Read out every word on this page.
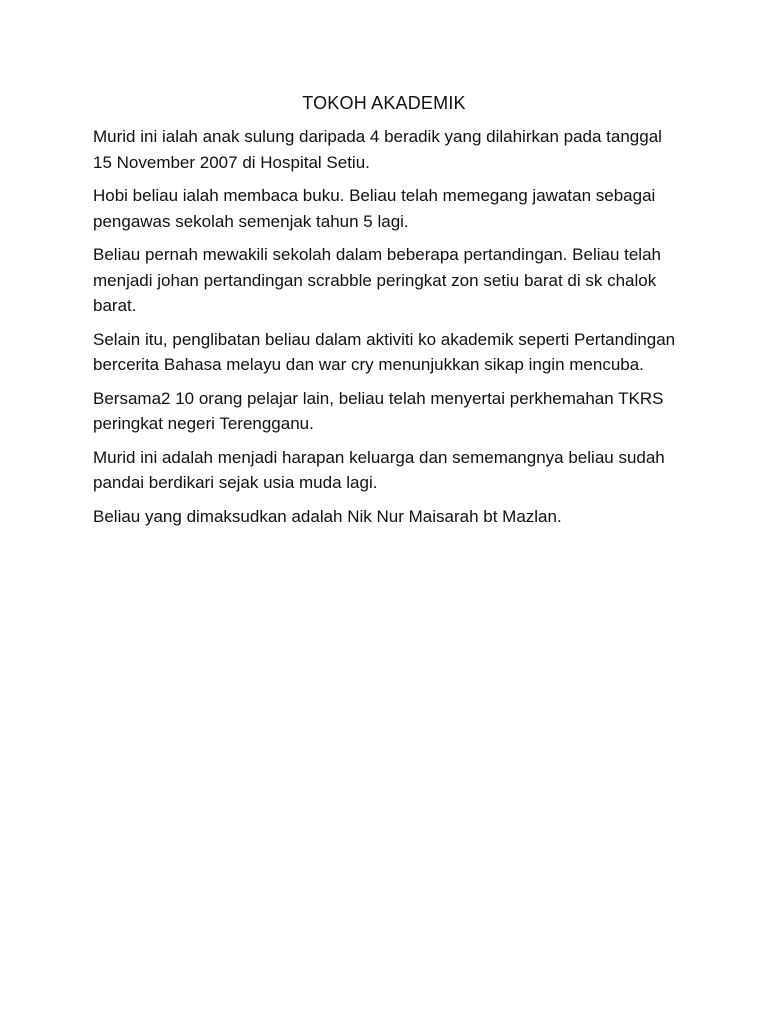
TOKOH AKADEMIK

Murid ini ialah anak sulung daripada 4 beradik yang dilahirkan pada tanggal 15 November 2007 di Hospital Setiu.

Hobi beliau ialah membaca buku. Beliau telah memegang jawatan sebagai pengawas sekolah semenjak tahun 5 lagi.

Beliau pernah mewakili sekolah dalam beberapa pertandingan. Beliau telah menjadi johan pertandingan scrabble peringkat zon setiu barat di sk chalok barat.

Selain itu, penglibatan beliau dalam aktiviti ko akademik seperti Pertandingan bercerita Bahasa melayu dan war cry menunjukkan sikap ingin mencuba.

Bersama2 10 orang pelajar lain, beliau telah menyertai perkhemahan TKRS peringkat negeri Terengganu.

Murid ini adalah menjadi harapan keluarga dan sememangnya beliau sudah pandai berdikari sejak usia muda lagi.

Beliau yang dimaksudkan adalah Nik Nur Maisarah bt Mazlan.
